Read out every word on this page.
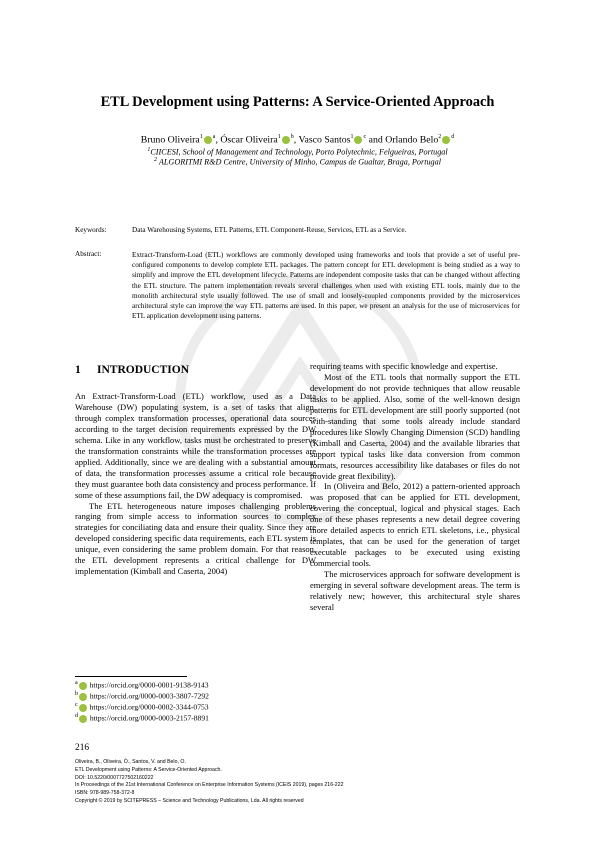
ETL Development using Patterns: A Service-Oriented Approach
Bruno Oliveira$^1$ $^a$, Óscar Oliveira$^1$ $^b$, Vasco Santos$^1$ $^c$ and Orlando Belo$^2$ $^d$
$^1$CIICESI, School of Management and Technology, Porto Polytechnic, Felgueiras, Portugal
$^2$ ALGORITMI R&D Centre, University of Minho, Campus de Gualtar, Braga, Portugal
Keywords:	Data Warehousing Systems, ETL Patterns, ETL Component-Reuse, Services, ETL as a Service.
Abstract:	Extract-Transform-Load (ETL) workflows are commonly developed using frameworks and tools that provide a set of useful pre-configured components to develop complete ETL packages. The pattern concept for ETL development is being studied as a way to simplify and improve the ETL development lifecycle. Patterns are independent composite tasks that can be changed without affecting the ETL structure. The pattern implementation reveals several challenges when used with existing ETL tools, mainly due to the monolith architectural style usually followed. The use of small and loosely-coupled components provided by the microservices architectural style can improve the way ETL patterns are used. In this paper, we present an analysis for the use of microservices for ETL application development using patterns.
1 INTRODUCTION

An Extract-Transform-Load (ETL) workflow, used as a Data Warehouse (DW) populating system, is a set of tasks that align, through complex transformation processes, operational data sources according to the target decision requirements expressed by the DW schema. Like in any workflow, tasks must be orchestrated to preserve the transformation constraints while the transformation processes are applied. Additionally, since we are dealing with a substantial amount of data, the transformation processes assume a critical role because they must guarantee both data consistency and process performance. If some of these assumptions fail, the DW adequacy is compromised.

The ETL heterogeneous nature imposes challenging problems ranging from simple access to information sources to complex strategies for conciliating data and ensure their quality. Since they are developed considering specific data requirements, each ETL system is unique, even considering the same problem domain. For that reason, the ETL development represents a critical challenge for DW implementation (Kimball and Caserta, 2004)

requiring teams with specific knowledge and expertise.

Most of the ETL tools that normally support the ETL development do not provide techniques that allow reusable tasks to be applied. Also, some of the well-known design patterns for ETL development are still poorly supported (not with-standing that some tools already include standard procedures like Slowly Changing Dimension (SCD) handling (Kimball and Caserta, 2004) and the available libraries that support typical tasks like data conversion from common formats, resources accessibility like databases or files do not provide great flexibility).

In (Oliveira and Belo, 2012) a pattern-oriented approach was proposed that can be applied for ETL development, covering the conceptual, logical and physical stages. Each one of these phases represents a new detail degree covering more detailed aspects to enrich ETL skeletons, i.e., physical templates, that can be used for the generation of target executable packages to be executed using existing commercial tools.

The microservices approach for software development is emerging in several software development areas. The term is relatively new; however, this architectural style shares several

$^a$ https://orcid.org/0000-0001-9138-9143
$^b$ https://orcid.org/0000-0003-3807-7292
$^c$ https://orcid.org/0000-0002-3344-0753
$^d$ https://orcid.org/0000-0003-2157-8891
216
Oliveira, B., Oliveira, Ó., Santos, V. and Belo, O.
ETL Development using Patterns: A Service-Oriented Approach.
DOI: 10.5220/0007727502160222
In Proceedings of the 21st International Conference on Enterprise Information Systems (ICEIS 2019), pages 216-222
ISBN: 978-989-758-372-8
Copyright © 2019 by SCITEPRESS – Science and Technology Publications, Lda. All rights reserved
